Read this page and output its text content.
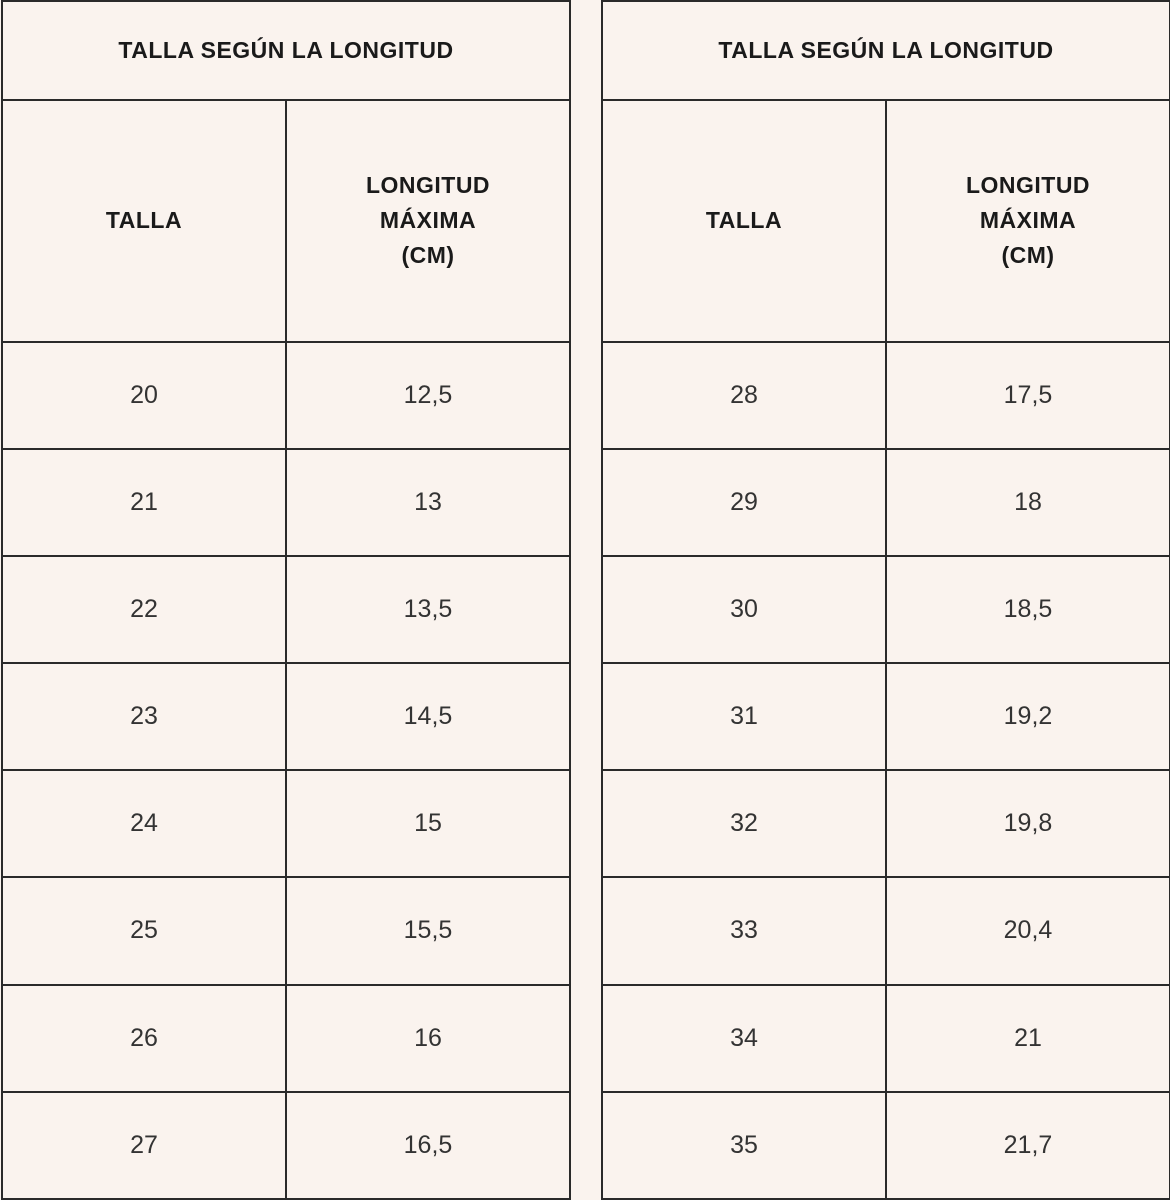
TALLA SEGÚN LA LONGITUD	
TALLA	LONGITUD
MÁXIMA
(CM)

20	12,5
21	13
22	13,5
23	14,5
24	15
25	15,5
26	16
27	16,5
TALLA SEGÚN LA LONGITUD	
TALLA	LONGITUD
MÁXIMA
(CM)

28	17,5
29	18
30	18,5
31	19,2
32	19,8
33	20,4
34	21
35	21,7
